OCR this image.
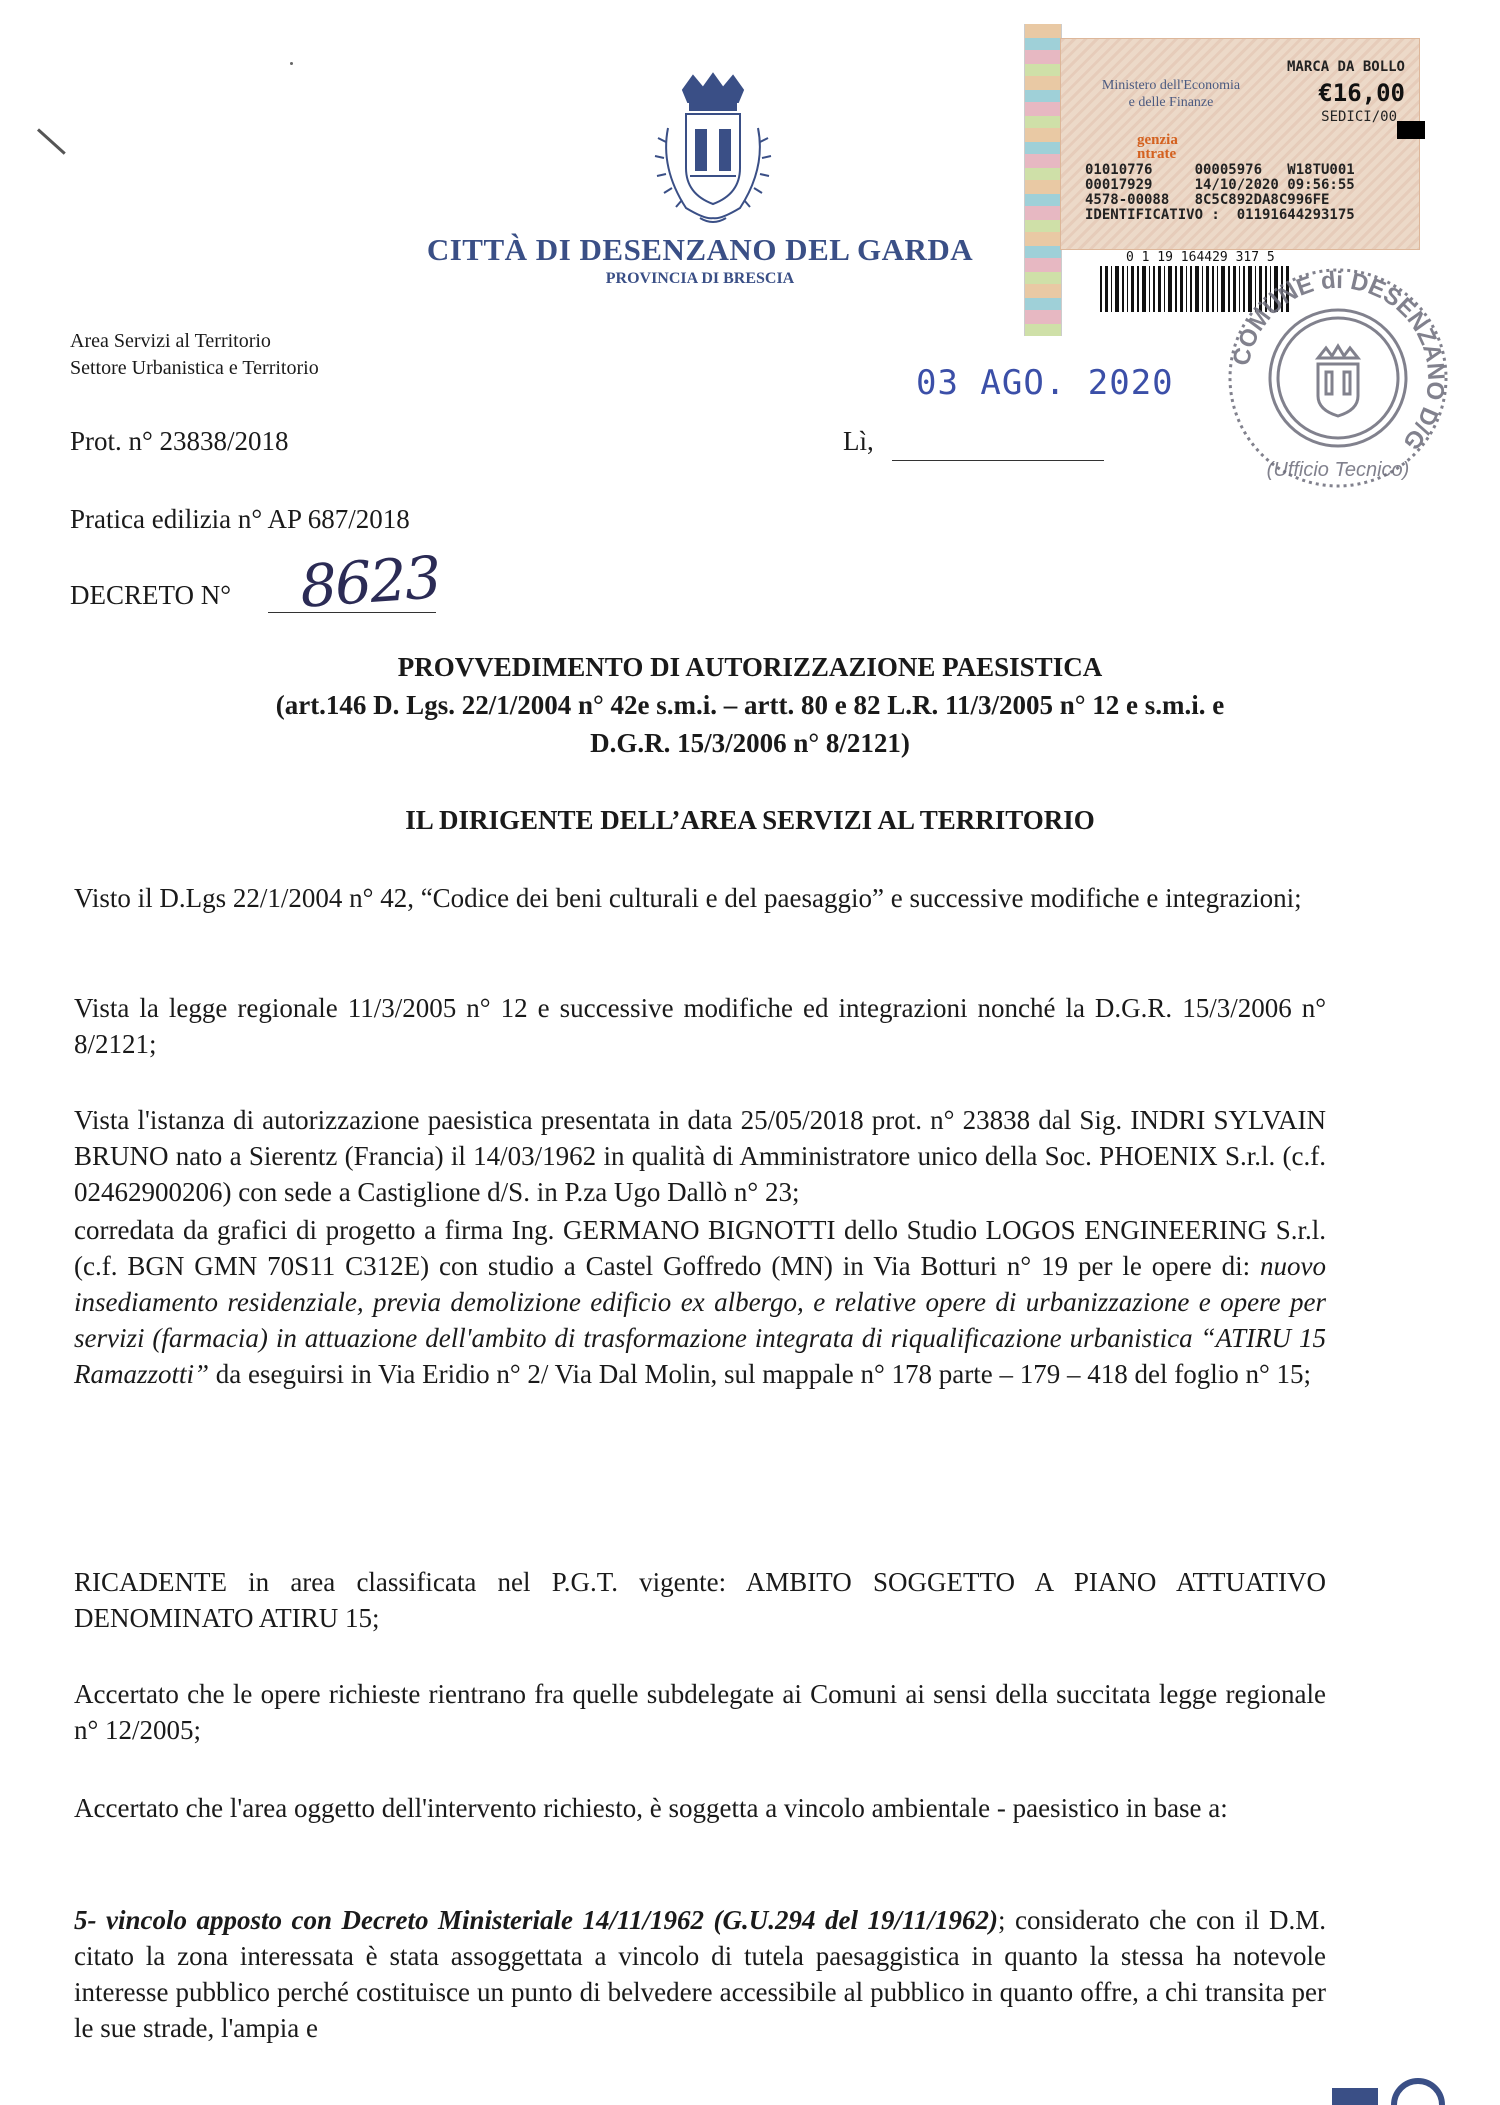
CITTÀ DI DESENZANO DEL GARDA
PROVINCIA DI BRESCIA
Ministero dell'Economia
e delle Finanze
MARCA DA BOLLO
€16,00
SEDICI/00
genzia
ntrate
01010776     00005976   W18TU001
00017929     14/10/2020 09:56:55
4578-00088   8C5C892DA8C996FE
IDENTIFICATIVO :  01191644293175
0 1 19 164429 317 5
COMUNE di DESENZANO D/G
(Ufficio Tecnico)
Area Servizi al Territorio
Settore Urbanistica e Territorio	03 AGO. 2020
Prot. n° 23838/2018	Lì,
Pratica edilizia n° AP 687/2018
DECRETO N° 8623
PROVVEDIMENTO DI AUTORIZZAZIONE PAESISTICA
(art.146 D. Lgs. 22/1/2004 n° 42e s.m.i. – artt. 80 e 82 L.R. 11/3/2005 n° 12 e s.m.i. e
D.G.R. 15/3/2006 n° 8/2121)
IL DIRIGENTE DELL’AREA SERVIZI AL TERRITORIO
Visto il D.Lgs 22/1/2004 n° 42, “Codice dei beni culturali e del paesaggio” e successive modifiche e integrazioni;
Vista la legge regionale 11/3/2005 n° 12 e successive modifiche ed integrazioni nonché la D.G.R. 15/3/2006 n° 8/2121;
Vista l'istanza di autorizzazione paesistica presentata in data 25/05/2018 prot. n° 23838 dal Sig. INDRI SYLVAIN BRUNO nato a Sierentz (Francia) il 14/03/1962 in qualità di Amministratore unico della Soc. PHOENIX S.r.l. (c.f. 02462900206) con sede a Castiglione d/S. in P.za Ugo Dallò n° 23;
corredata da grafici di progetto a firma Ing. GERMANO BIGNOTTI dello Studio LOGOS ENGINEERING S.r.l. (c.f. BGN GMN 70S11 C312E) con studio a Castel Goffredo (MN) in Via Botturi n° 19 per le opere di: nuovo insediamento residenziale, previa demolizione edificio ex albergo, e relative opere di urbanizzazione e opere per servizi (farmacia) in attuazione dell'ambito di trasformazione integrata di riqualificazione urbanistica “ATIRU 15 Ramazzotti” da eseguirsi in Via Eridio n° 2/ Via Dal Molin, sul mappale n° 178 parte – 179 – 418 del foglio n° 15;
RICADENTE in area classificata nel P.G.T. vigente: AMBITO SOGGETTO A PIANO ATTUATIVO DENOMINATO ATIRU 15;
Accertato che le opere richieste rientrano fra quelle subdelegate ai Comuni ai sensi della succitata legge regionale n° 12/2005;
Accertato che l'area oggetto dell'intervento richiesto, è soggetta a vincolo ambientale - paesistico in base a:
5- vincolo apposto con Decreto Ministeriale 14/11/1962 (G.U.294 del 19/11/1962); considerato che con il D.M. citato la zona interessata è stata assoggettata a vincolo di tutela paesaggistica in quanto la stessa ha notevole interesse pubblico perché costituisce un punto di belvedere accessibile al pubblico in quanto offre, a chi transita per le sue strade, l'ampia e
